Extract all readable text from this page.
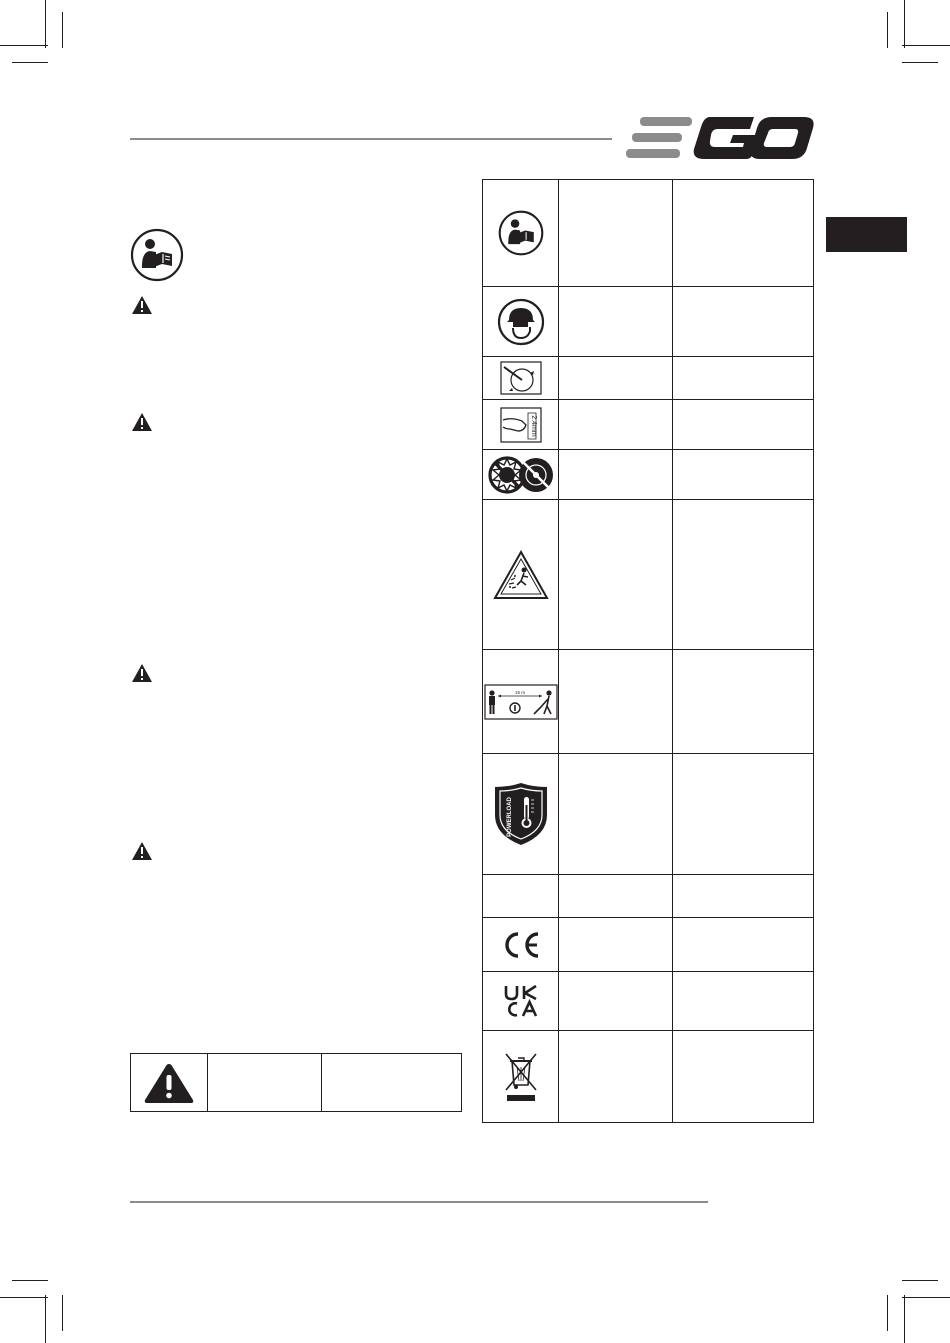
2.4mm		

15 m		

POWERLOAD		
